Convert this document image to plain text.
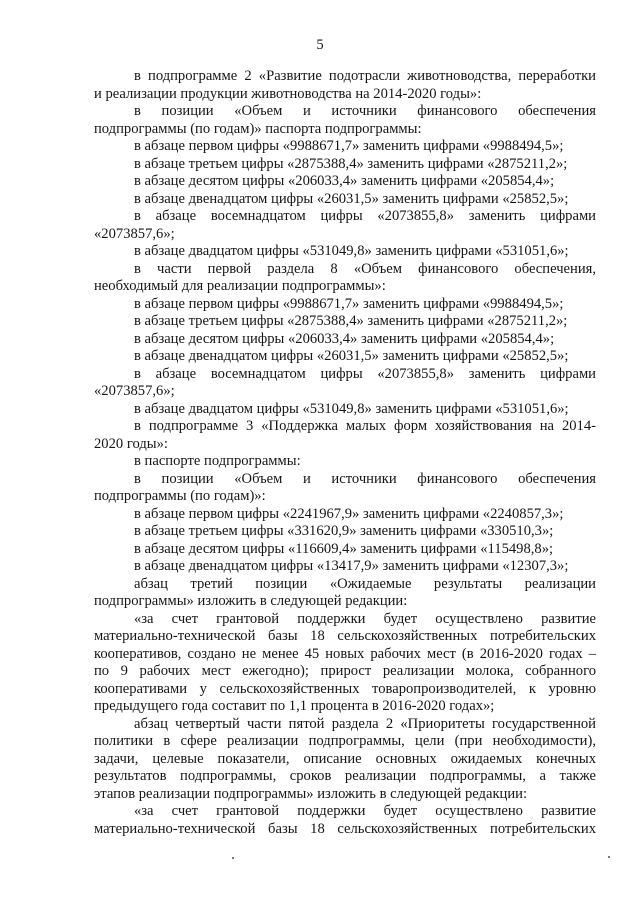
5
в подпрограмме 2 «Развитие подотрасли животноводства, переработки
и реализации продукции животноводства на 2014-2020 годы»:
в позиции «Объем и источники финансового обеспечения
подпрограммы (по годам)» паспорта подпрограммы:
в абзаце первом цифры «9988671,7» заменить цифрами «9988494,5»;
в абзаце третьем цифры «2875388,4» заменить цифрами «2875211,2»;
в абзаце десятом цифры «206033,4» заменить цифрами «205854,4»;
в абзаце двенадцатом цифры «26031,5» заменить цифрами «25852,5»;
в абзаце восемнадцатом цифры «2073855,8» заменить цифрами
«2073857,6»;
в абзаце двадцатом цифры «531049,8» заменить цифрами «531051,6»;
в части первой раздела 8 «Объем финансового обеспечения,
необходимый для реализации подпрограммы»:
в абзаце первом цифры «9988671,7» заменить цифрами «9988494,5»;
в абзаце третьем цифры «2875388,4» заменить цифрами «2875211,2»;
в абзаце десятом цифры «206033,4» заменить цифрами «205854,4»;
в абзаце двенадцатом цифры «26031,5» заменить цифрами «25852,5»;
в абзаце восемнадцатом цифры «2073855,8» заменить цифрами
«2073857,6»;
в абзаце двадцатом цифры «531049,8» заменить цифрами «531051,6»;
в подпрограмме 3 «Поддержка малых форм хозяйствования на 2014-
2020 годы»:
в паспорте подпрограммы:
в позиции «Объем и источники финансового обеспечения
подпрограммы (по годам)»:
в абзаце первом цифры «2241967,9» заменить цифрами «2240857,3»;
в абзаце третьем цифры «331620,9» заменить цифрами «330510,3»;
в абзаце десятом цифры «116609,4» заменить цифрами «115498,8»;
в абзаце двенадцатом цифры «13417,9» заменить цифрами «12307,3»;
абзац третий позиции «Ожидаемые результаты реализации
подпрограммы» изложить в следующей редакции:
«за счет грантовой поддержки будет осуществлено развитие
материально-технической базы 18 сельскохозяйственных потребительских
кооперативов, создано не менее 45 новых рабочих мест (в 2016-2020 годах –
по 9 рабочих мест ежегодно); прирост реализации молока, собранного
кооперативами у сельскохозяйственных товаропроизводителей, к уровню
предыдущего года составит по 1,1 процента в 2016-2020 годах»;
абзац четвертый части пятой раздела 2 «Приоритеты государственной
политики в сфере реализации подпрограммы, цели (при необходимости),
задачи, целевые показатели, описание основных ожидаемых конечных
результатов подпрограммы, сроков реализации подпрограммы, а также
этапов реализации подпрограммы» изложить в следующей редакции:
«за счет грантовой поддержки будет осуществлено развитие
материально-технической базы 18 сельскохозяйственных потребительских
